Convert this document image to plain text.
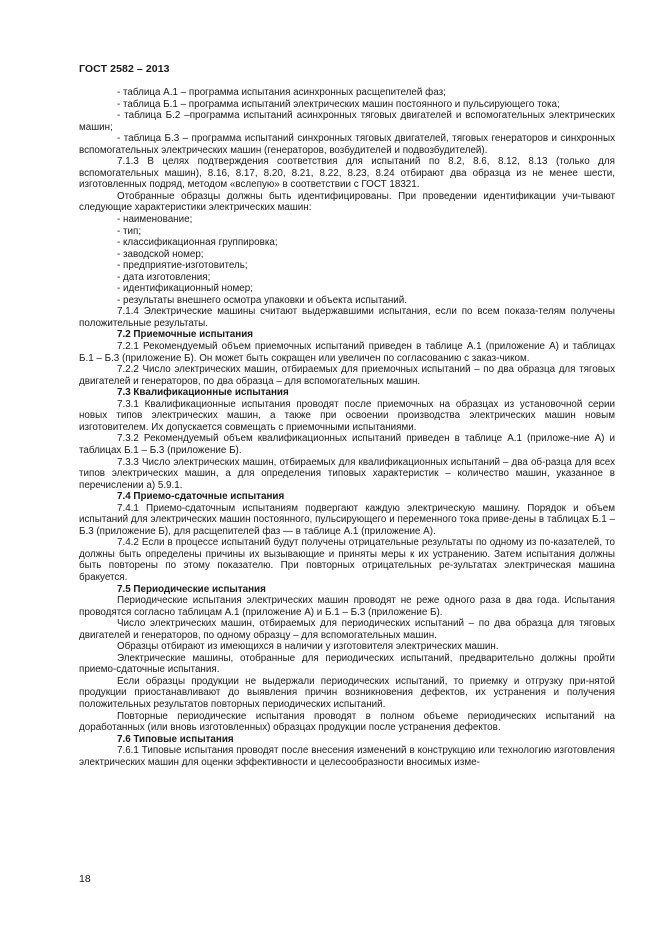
ГОСТ 2582 – 2013

- таблица А.1 – программа испытания асинхронных расщепителей фаз;

- таблица Б.1 – программа испытаний электрических машин постоянного и пульсирующего тока;

- таблица Б.2 –программа испытаний асинхронных тяговых двигателей и вспомогательных электрических машин;

- таблица Б.3 – программа испытаний синхронных тяговых двигателей, тяговых генераторов и синхронных вспомогательных электрических машин (генераторов, возбудителей и подвозбудителей).

7.1.3 В целях подтверждения соответствия для испытаний по 8.2, 8.6, 8.12, 8.13 (только для вспомогательных машин), 8.16, 8.17, 8.20, 8.21, 8.22, 8.23, 8.24 отбирают два образца из не менее шести, изготовленных подряд, методом «вслепую» в соответствии с ГОСТ 18321.

Отобранные образцы должны быть идентифицированы. При проведении идентификации учи-тывают следующие характеристики электрических машин:

- наименование;

- тип;

- классификационная группировка;

- заводской номер;

- предприятие-изготовитель;

- дата изготовления;

- идентификационный номер;

- результаты внешнего осмотра упаковки и объекта испытаний.

7.1.4 Электрические машины считают выдержавшими испытания, если по всем показа-телям получены положительные результаты.

7.2 Приемочные испытания

7.2.1 Рекомендуемый объем приемочных испытаний приведен в таблице А.1 (приложение А) и таблицах Б.1 – Б.3 (приложение Б). Он может быть сокращен или увеличен по согласованию с заказ-чиком.

7.2.2 Число электрических машин, отбираемых для приемочных испытаний – по два образца для тяговых двигателей и генераторов, по два образца – для вспомогательных машин.

7.3 Квалификационные испытания

7.3.1 Квалификационные испытания проводят после приемочных на образцах из установочной серии новых типов электрических машин, а также при освоении производства электрических машин новым изготовителем. Их допускается совмещать с приемочными испытаниями.

7.3.2 Рекомендуемый объем квалификационных испытаний приведен в таблице А.1 (приложе-ние А) и таблицах Б.1 – Б.3 (приложение Б).

7.3.3 Число электрических машин, отбираемых для квалификационных испытаний – два об-разца для всех типов электрических машин, а для определения типовых характеристик – количество машин, указанное в перечислении а) 5.9.1.

7.4 Приемо-сдаточные испытания

7.4.1 Приемо-сдаточным испытаниям подвергают каждую электрическую машину. Порядок и объем испытаний для электрических машин постоянного, пульсирующего и переменного тока приве-дены в таблицах Б.1 – Б.3 (приложение Б), для расщепителей фаз — в таблице А.1 (приложение А).

7.4.2 Если в процессе испытаний будут получены отрицательные результаты по одному из по-казателей, то должны быть определены причины их вызывающие и приняты меры к их устранению. Затем испытания должны быть повторены по этому показателю. При повторных отрицательных ре-зультатах электрическая машина бракуется.

7.5 Периодические испытания

Периодические испытания электрических машин проводят не реже одного раза в два года. Испытания проводятся согласно таблицам А.1 (приложение А) и Б.1 – Б.3 (приложение Б).

Число электрических машин, отбираемых для периодических испытаний – по два образца для тяговых двигателей и генераторов, по одному образцу – для вспомогательных машин.

Образцы отбирают из имеющихся в наличии у изготовителя электрических машин.

Электрические машины, отобранные для периодических испытаний, предварительно должны пройти приемо-сдаточные испытания.

Если образцы продукции не выдержали периодических испытаний, то приемку и отгрузку при-нятой продукции приостанавливают до выявления причин возникновения дефектов, их устранения и получения положительных результатов повторных периодических испытаний.

Повторные периодические испытания проводят в полном объеме периодических испытаний на доработанных (или вновь изготовленных) образцах продукции после устранения дефектов.

7.6 Типовые испытания

7.6.1 Типовые испытания проводят после внесения изменений в конструкцию или технологию изготовления электрических машин для оценки эффективности и целесообразности вносимых изме-

18
